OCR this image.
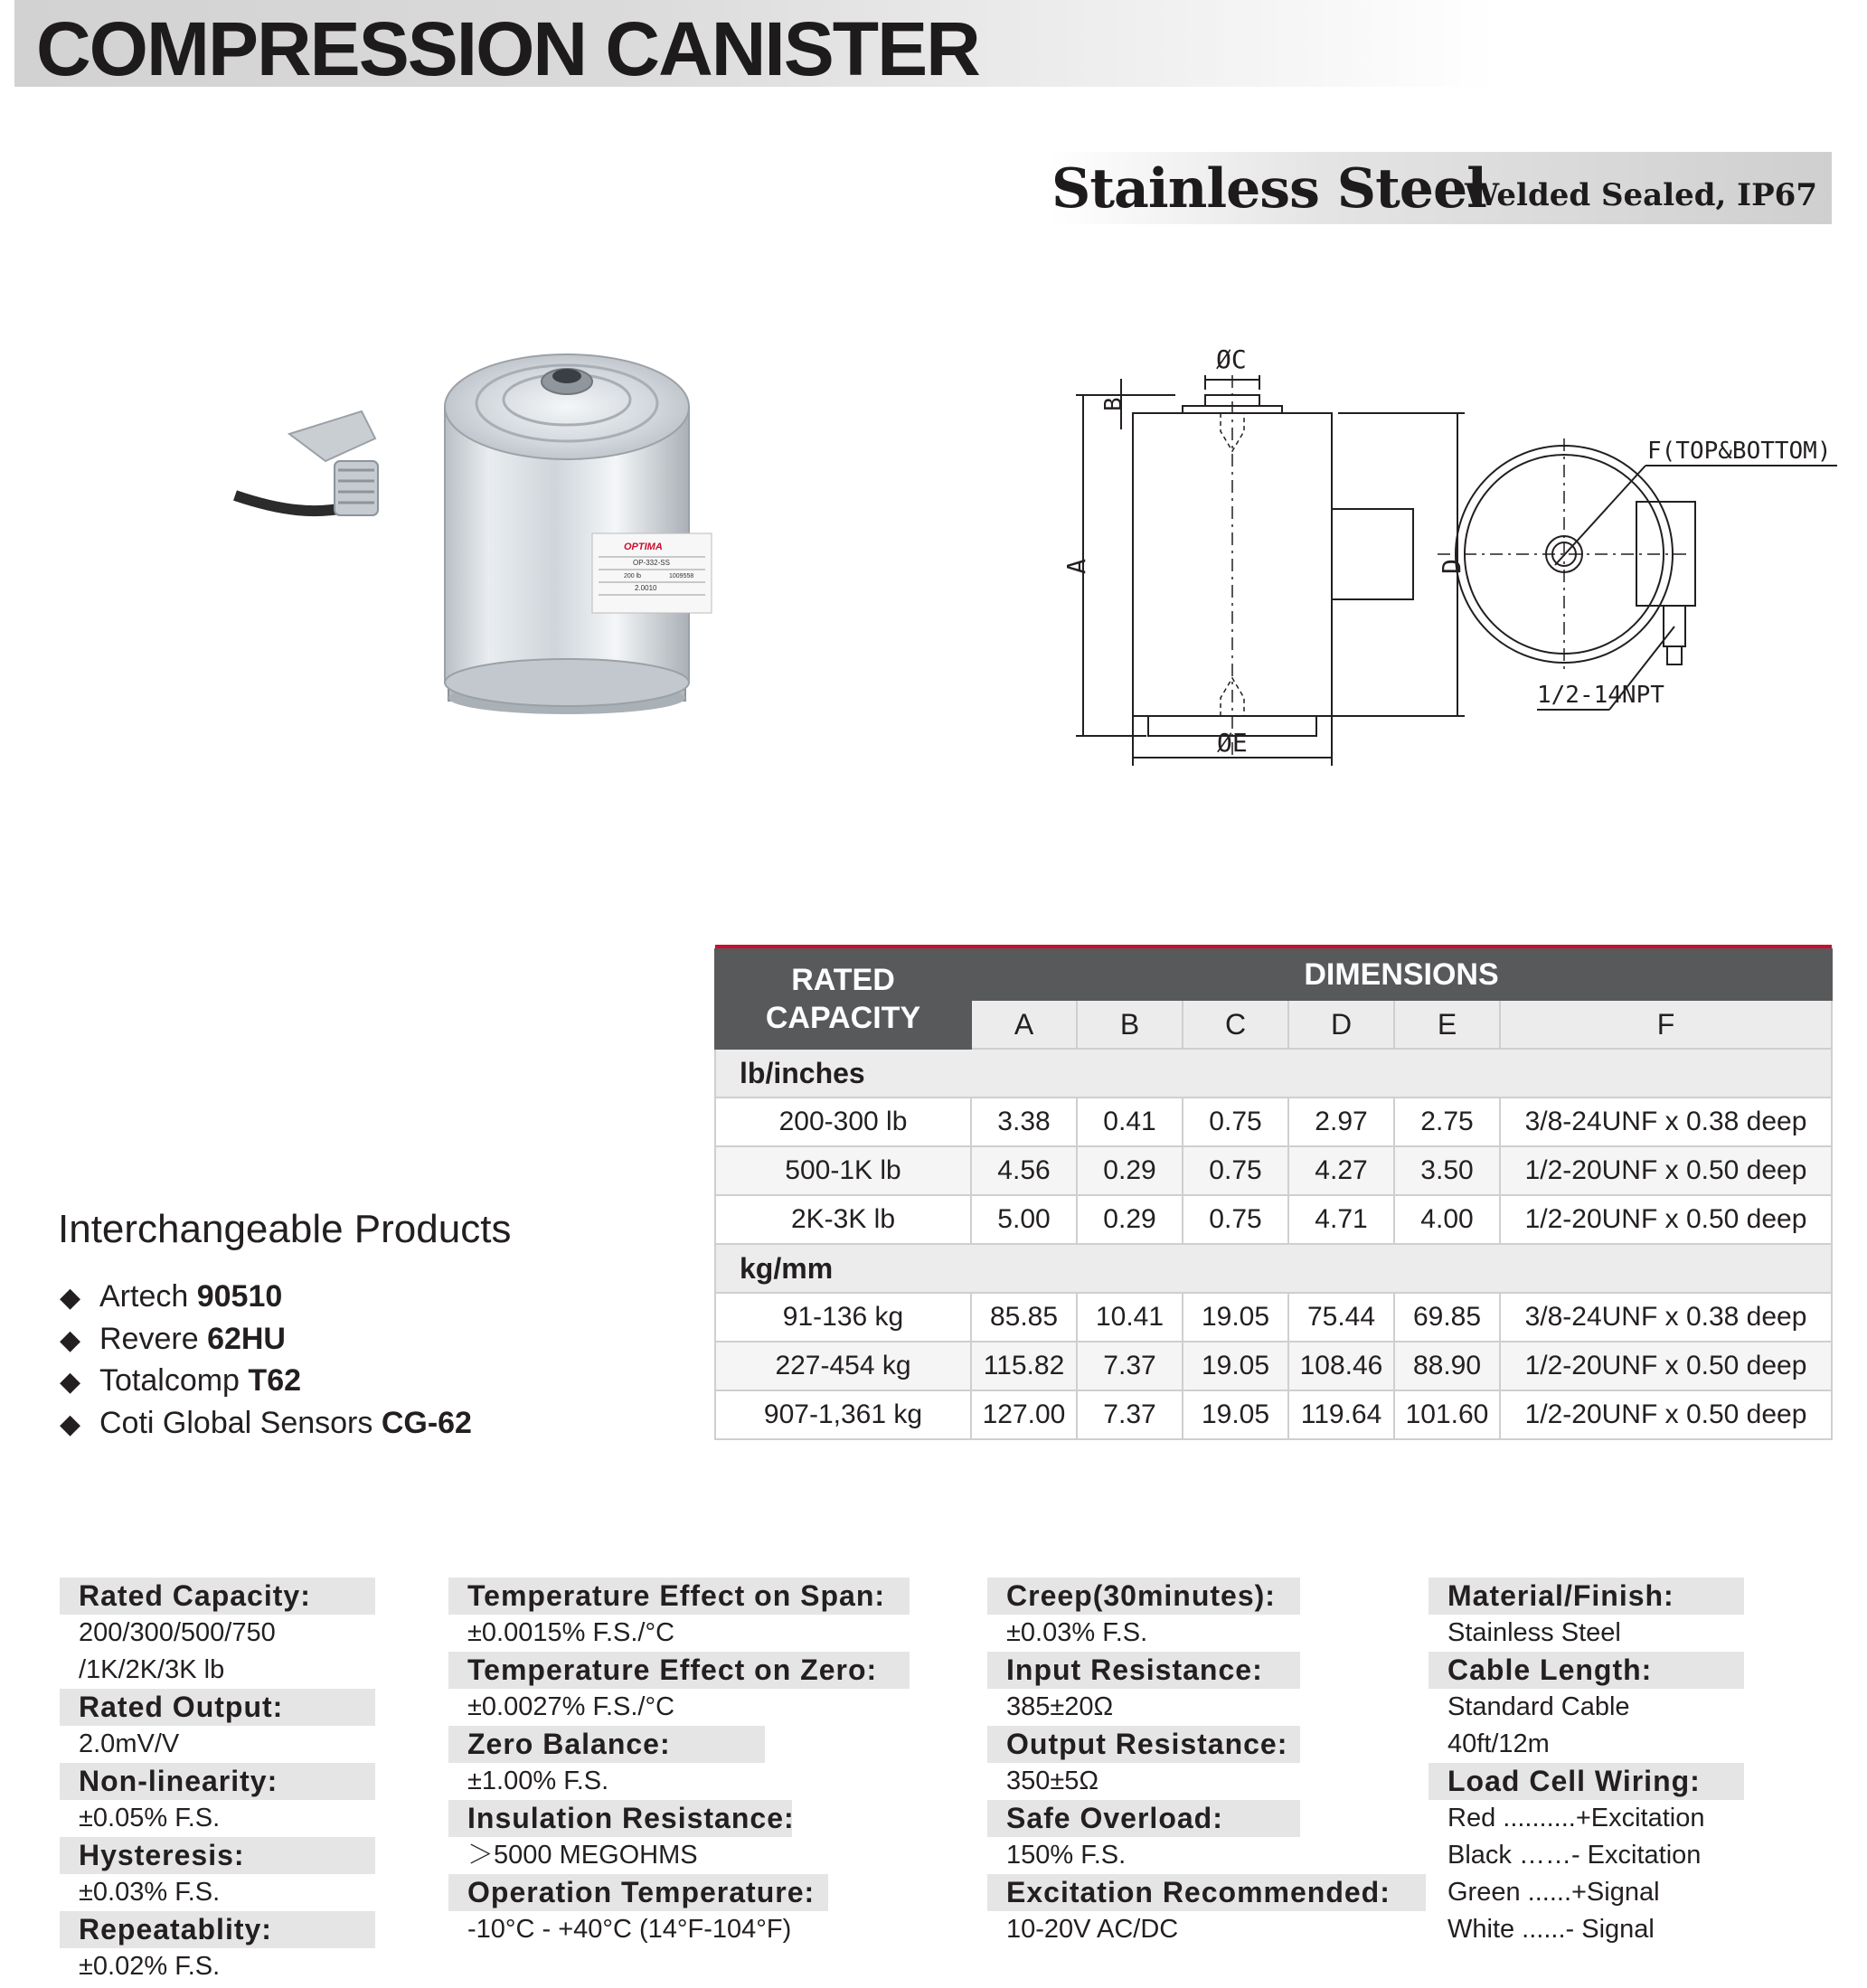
COMPRESSION CANISTER
Stainless Steel
Welded Sealed, IP67
OPTIMA
OP-332-SS
200 lb	1009558
2.0010
ØC
B
A	D
ØE
F(TOP&BOTTOM)
1/2-14NPT
Interchangeable Products
◆ Artech 90510
◆ Revere 62HU
◆ Totalcomp T62
◆ Coti Global Sensors CG-62

RATED
CAPACITY	DIMENSIONS					
	A	B	C	D	E	F
lb/inches						
200-300 lb	3.38	0.41	0.75	2.97	2.75	3/8-24UNF x 0.38 deep
500-1K lb	4.56	0.29	0.75	4.27	3.50	1/2-20UNF x 0.50 deep
2K-3K lb	5.00	0.29	0.75	4.71	4.00	1/2-20UNF x 0.50 deep
kg/mm						
91-136 kg	85.85	10.41	19.05	75.44	69.85	3/8-24UNF x 0.38 deep
227-454 kg	115.82	7.37	19.05	108.46	88.90	1/2-20UNF x 0.50 deep
907-1,361 kg	127.00	7.37	19.05	119.64	101.60	1/2-20UNF x 0.50 deep
Rated Capacity:
200/300/500/750
/1K/2K/3K lb
Rated Output:
2.0mV/V
Non-linearity:
±0.05% F.S.
Hysteresis:
±0.03% F.S.
Repeatablity:
±0.02% F.S.
Temperature Effect on Span:
±0.0015% F.S./°C
Temperature Effect on Zero:
±0.0027% F.S./°C
Zero Balance:
±1.00% F.S.
Insulation Resistance:
＞5000 MEGOHMS
Operation Temperature:
-10°C - +40°C (14°F-104°F)
Creep(30minutes):
±0.03% F.S.
Input Resistance:
385±20Ω
Output Resistance:
350±5Ω
Safe Overload:
150% F.S.
Excitation Recommended:
10-20V AC/DC
Material/Finish:
Stainless Steel
Cable Length:
Standard Cable
40ft/12m
Load Cell Wiring:
Red ..........+Excitation
Black ……- Excitation
Green ......+Signal
White ......- Signal
